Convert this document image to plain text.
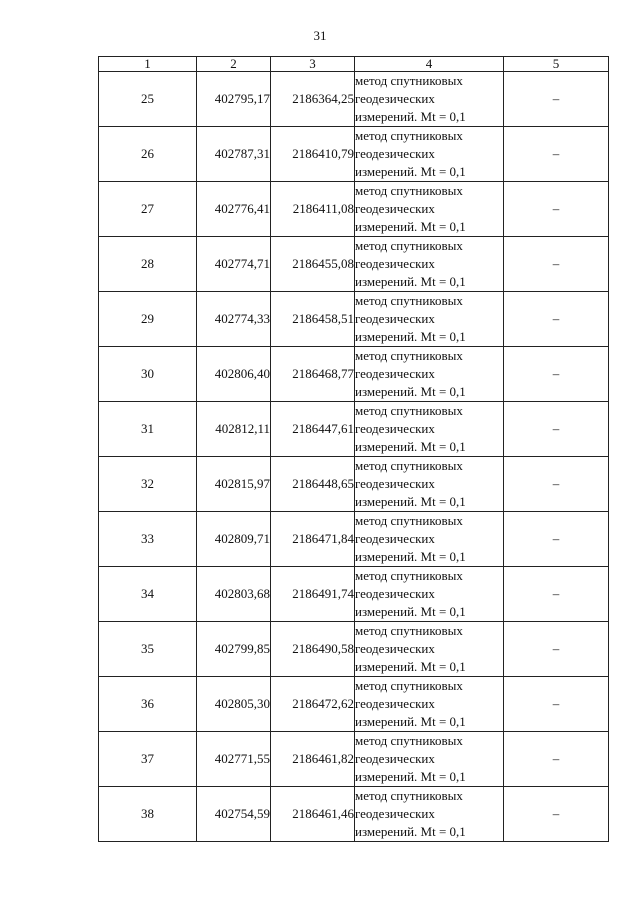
31
1	2	3	4	5
25	402795,17	2186364,25	метод спутниковых
геодезических
измерений. Mt = 0,1	–
26	402787,31	2186410,79	метод спутниковых
геодезических
измерений. Mt = 0,1	–
27	402776,41	2186411,08	метод спутниковых
геодезических
измерений. Mt = 0,1	–
28	402774,71	2186455,08	метод спутниковых
геодезических
измерений. Mt = 0,1	–
29	402774,33	2186458,51	метод спутниковых
геодезических
измерений. Mt = 0,1	–
30	402806,40	2186468,77	метод спутниковых
геодезических
измерений. Mt = 0,1	–
31	402812,11	2186447,61	метод спутниковых
геодезических
измерений. Mt = 0,1	–
32	402815,97	2186448,65	метод спутниковых
геодезических
измерений. Mt = 0,1	–
33	402809,71	2186471,84	метод спутниковых
геодезических
измерений. Mt = 0,1	–
34	402803,68	2186491,74	метод спутниковых
геодезических
измерений. Mt = 0,1	–
35	402799,85	2186490,58	метод спутниковых
геодезических
измерений. Mt = 0,1	–
36	402805,30	2186472,62	метод спутниковых
геодезических
измерений. Mt = 0,1	–
37	402771,55	2186461,82	метод спутниковых
геодезических
измерений. Mt = 0,1	–
38	402754,59	2186461,46	метод спутниковых
геодезических
измерений. Mt = 0,1	–
